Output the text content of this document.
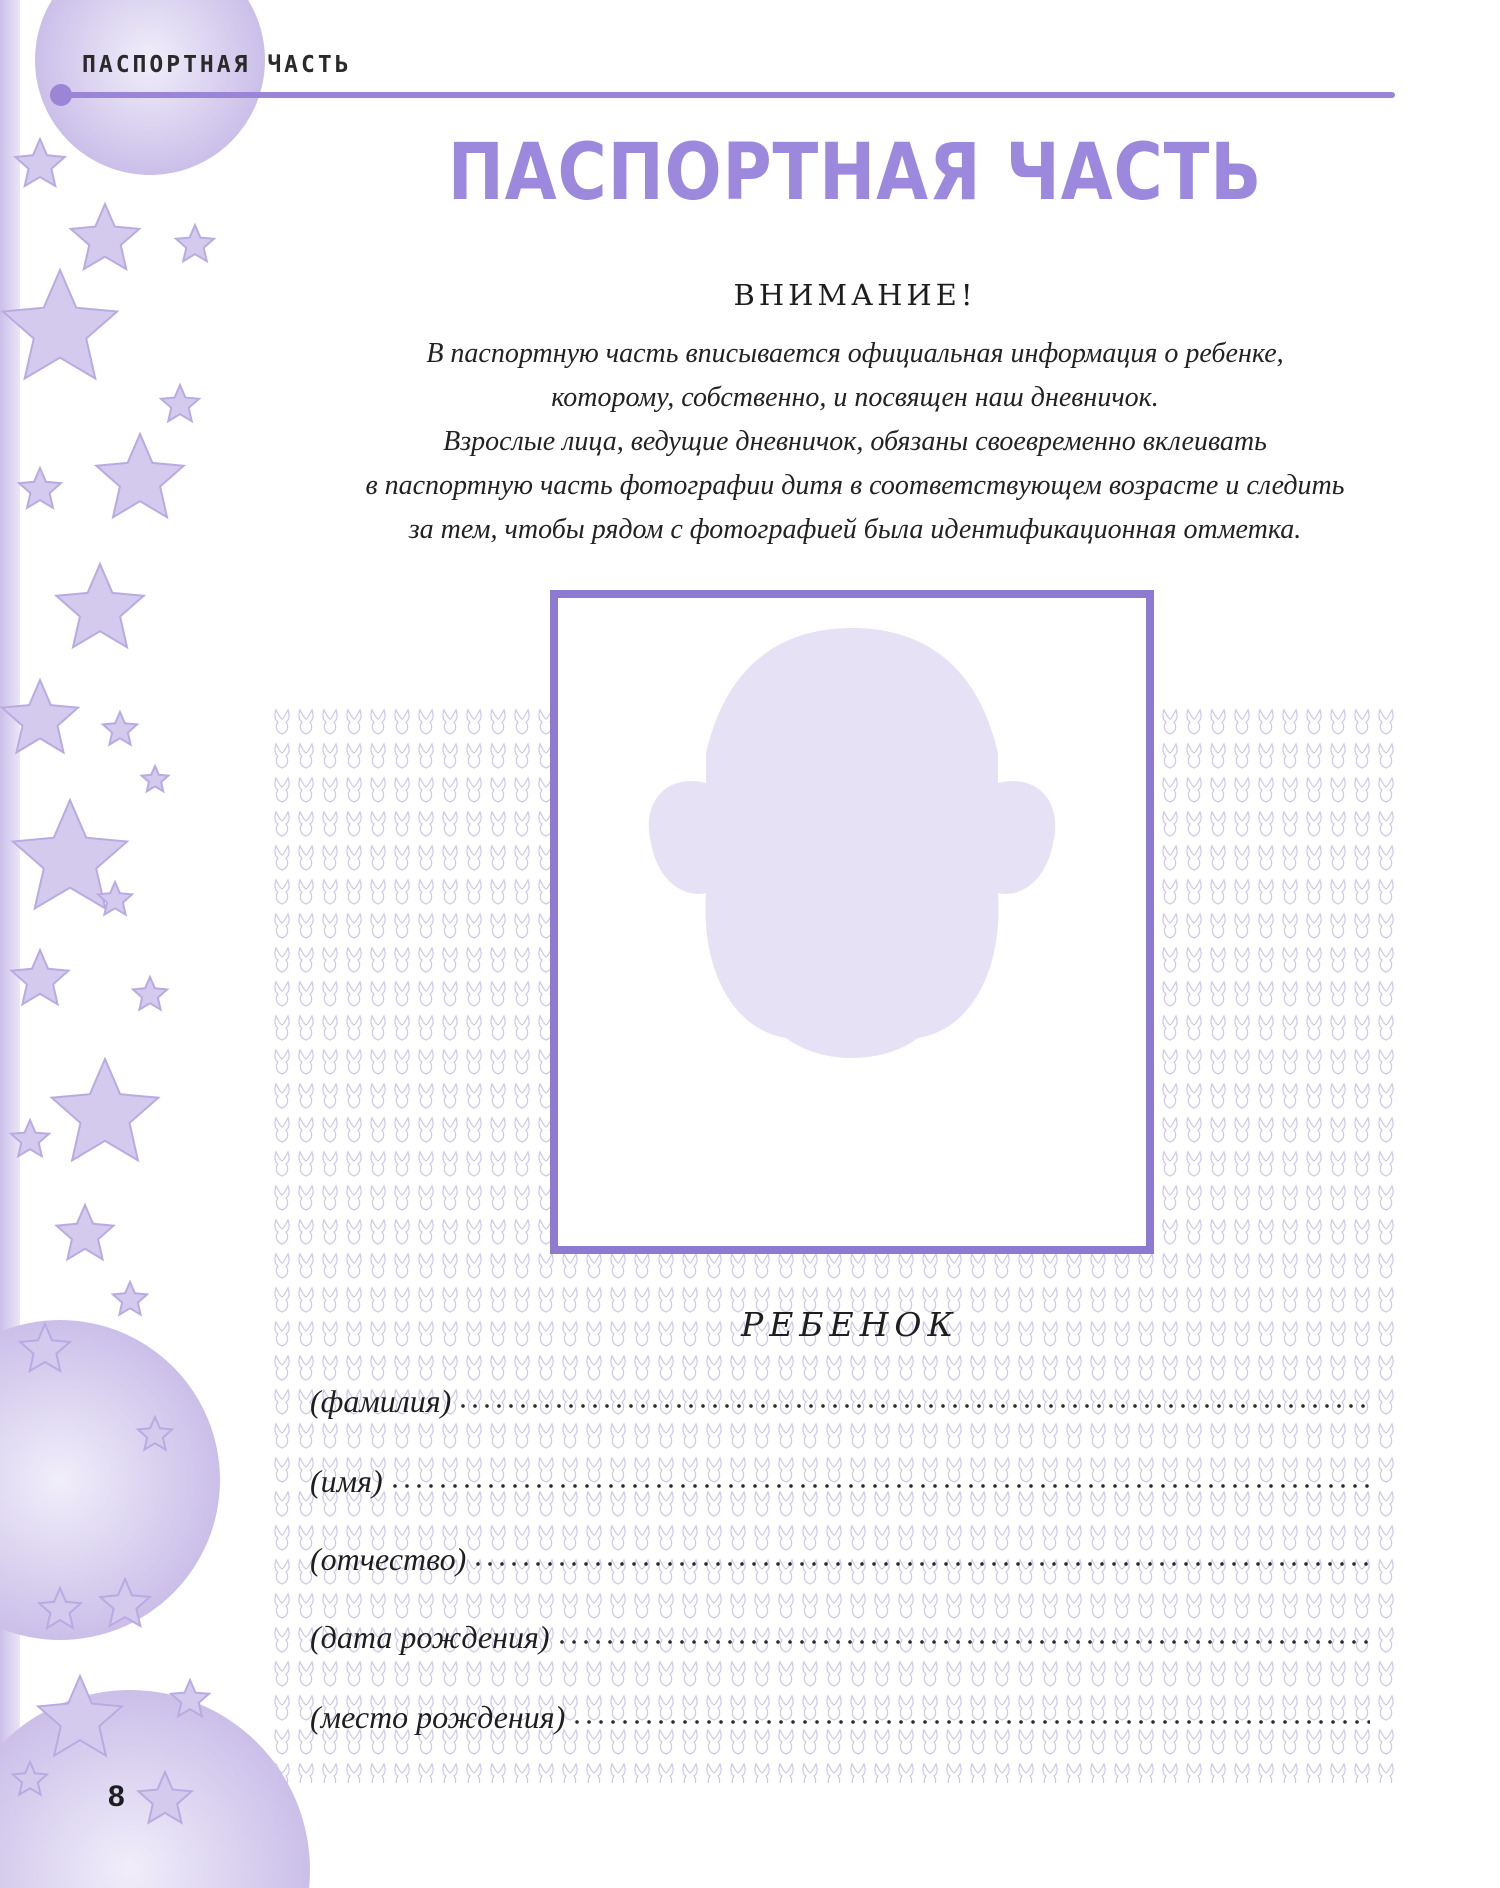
ПАСПОРТНАЯ ЧАСТЬ
ПАСПОРТНАЯ ЧАСТЬ
ВНИМАНИЕ!

В паспортную часть вписывается официальная информация о ребенке,

которому, собственно, и посвящен наш дневничок.

Взрослые лица, ведущие дневничок, обязаны своевременно вклеивать

в паспортную часть фотографии дитя в соответствующем возрасте и следить

за тем, чтобы рядом с фотографией была идентификационная отметка.

РЕБЕНОК
(фамилия)
(имя)
(отчество)
(дата рождения)
(место рождения)
8
